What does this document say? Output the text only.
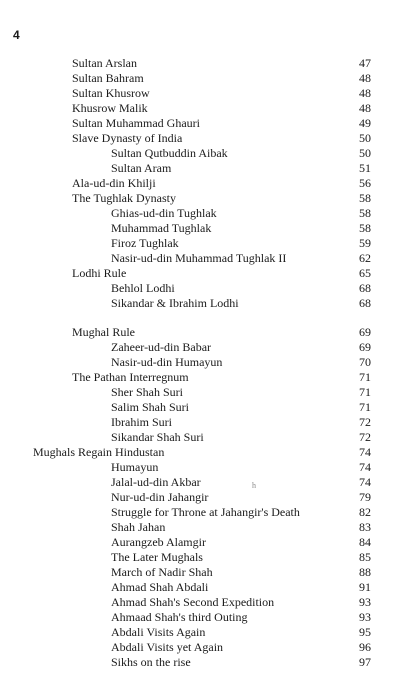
4
Sultan Arslan	47
Sultan Bahram	48
Sultan Khusrow	48
Khusrow Malik	48
Sultan Muhammad Ghauri	49
Slave Dynasty of India	50
Sultan Qutbuddin Aibak	50
Sultan Aram	51
Ala-ud-din Khilji	56
The Tughlak Dynasty	58
Ghias-ud-din Tughlak	58
Muhammad Tughlak	58
Firoz Tughlak	59
Nasir-ud-din Muhammad Tughlak II	62
Lodhi Rule	65
Behlol Lodhi	68
Sikandar & Ibrahim Lodhi	68
Mughal Rule	69
Zaheer-ud-din Babar	69
Nasir-ud-din Humayun	70
The Pathan Interregnum	71
Sher Shah Suri	71
Salim Shah Suri	71
Ibrahim Suri	72
Sikandar Shah Suri	72
Mughals Regain Hindustan	74
Humayun	74
Jalal-ud-din Akbar	74
Nur-ud-din Jahangir	79
Struggle for Throne at Jahangir's Death	82
Shah Jahan	83
Aurangzeb Alamgir	84
The Later Mughals	85
March of Nadir Shah	88
Ahmad Shah Abdali	91
Ahmad Shah's Second Expedition	93
Ahmaad Shah's third Outing	93
Abdali Visits Again	95
Abdali Visits yet Again	96
Sikhs on the rise	97
h
